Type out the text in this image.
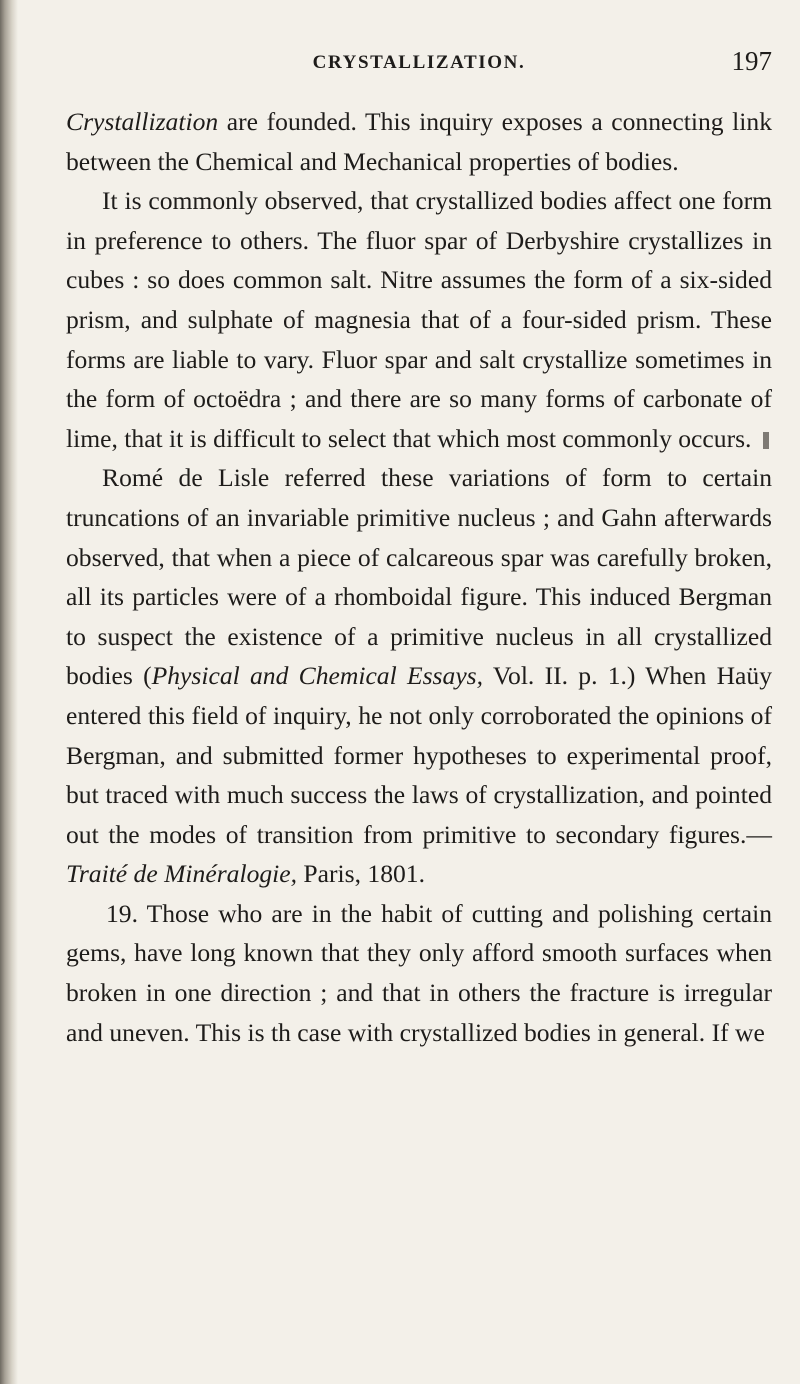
CRYSTALLIZATION.	197

Crystallization are founded. This inquiry exposes a connecting link between the Chemical and Mechanical properties of bodies.

It is commonly observed, that crystallized bodies affect one form in preference to others. The fluor spar of Derbyshire crystallizes in cubes : so does common salt. Nitre assumes the form of a six-sided prism, and sulphate of magnesia that of a four-sided prism. These forms are liable to vary. Fluor spar and salt crystallize sometimes in the form of octoëdra ; and there are so many forms of carbonate of lime, that it is difficult to select that which most commonly occurs.

Romé de Lisle referred these variations of form to certain truncations of an invariable primitive nucleus ; and Gahn afterwards observed, that when a piece of calcareous spar was carefully broken, all its particles were of a rhomboidal figure. This induced Bergman to suspect the existence of a primitive nucleus in all crystallized bodies (Physical and Chemical Essays, Vol. II. p. 1.) When Haüy entered this field of inquiry, he not only corroborated the opinions of Bergman, and submitted former hypotheses to experimental proof, but traced with much success the laws of crystallization, and pointed out the modes of transition from primitive to secondary figures.—Traité de Minéralogie, Paris, 1801.

19. Those who are in the habit of cutting and polishing certain gems, have long known that they only afford smooth surfaces when broken in one direction ; and that in others the fracture is irregular and uneven. This is th case with crystallized bodies in general. If we
